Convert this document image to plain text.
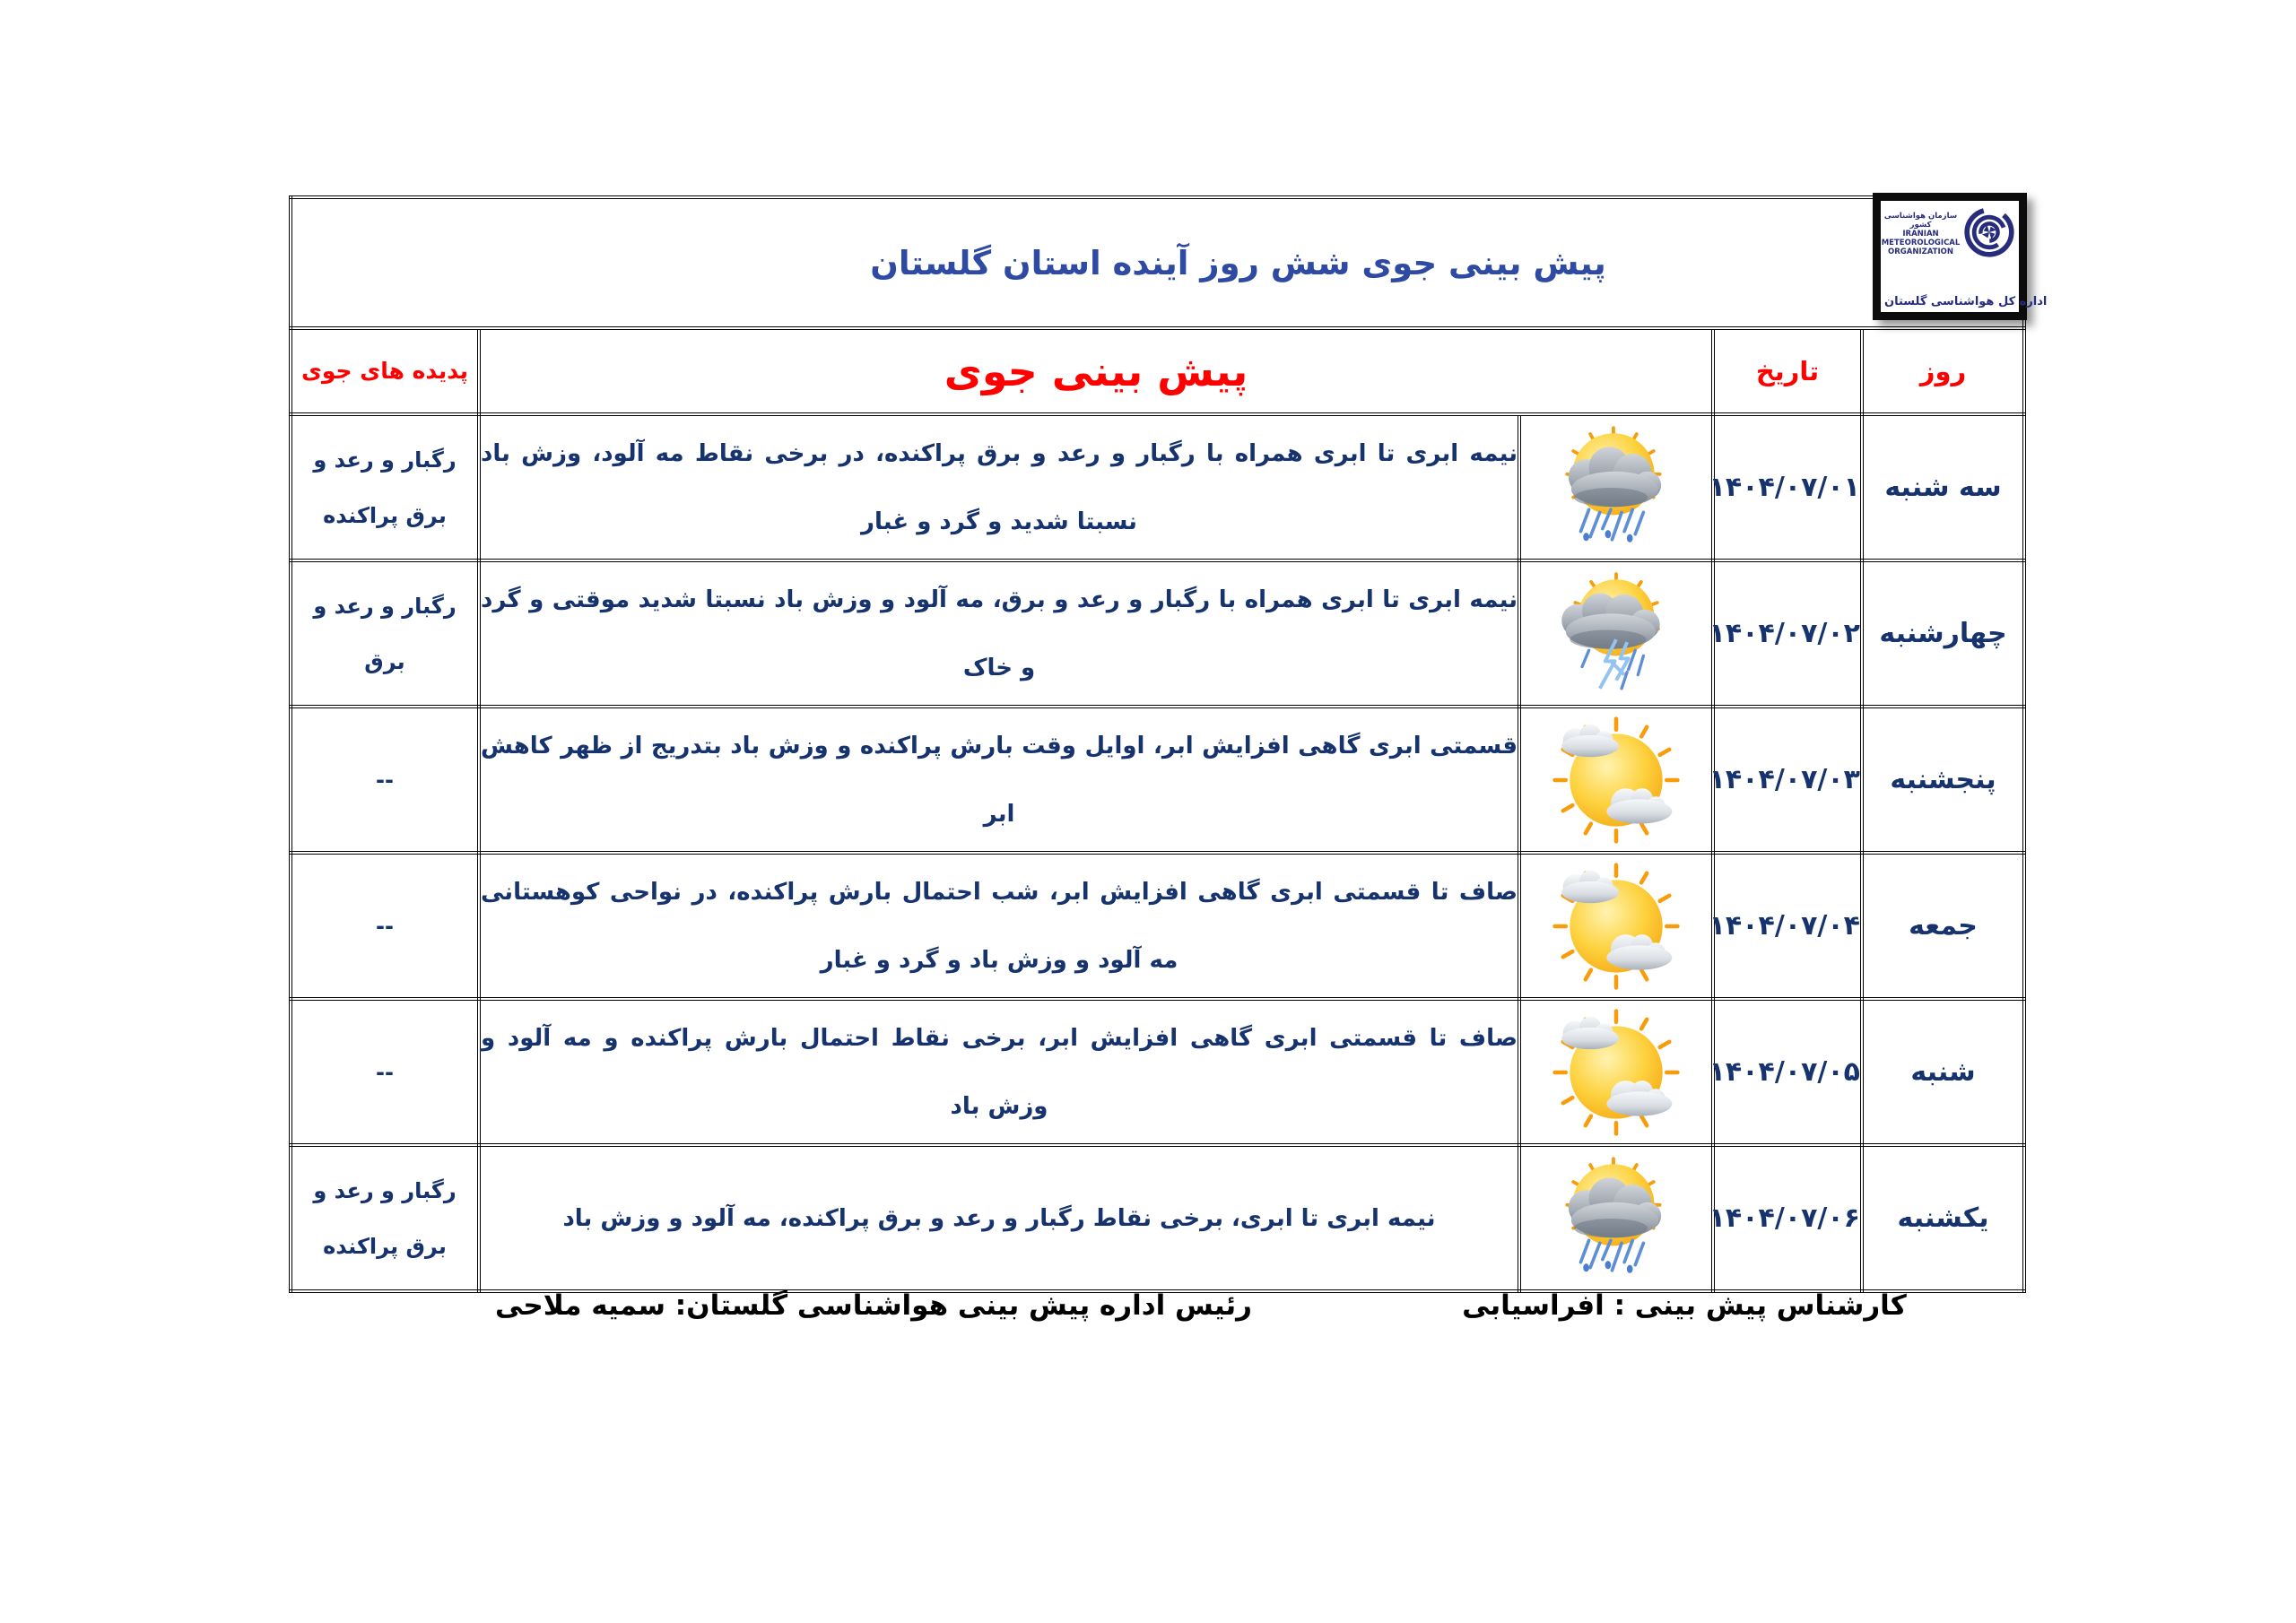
پیش بینی جوی شش روز آینده استان گلستان
سازمان هواشناسی کشور
IRANIAN
METEOROLOGICAL
ORGANIZATION
اداره کل هواشناسی گلستان

روز	تاریخ	پیش بینی جوی		پدیده های جوی

سه شنبه	۱۴۰۴/۰۷/۰۱		نیمه ابری تا ابری همراه با رگبار و رعد و برق پراکنده، در برخی نقاط مه آلود، وزش باد نسبتا شدید و گرد و غبار	رگبار و رعد و برق پراکنده

چهارشنبه	۱۴۰۴/۰۷/۰۲		نیمه ابری تا ابری همراه با رگبار و رعد و برق، مه آلود و وزش باد نسبتا شدید موقتی و گرد و خاک	رگبار و رعد و برق

پنجشنبه	۱۴۰۴/۰۷/۰۳		قسمتی ابری گاهی افزایش ابر، اوایل وقت بارش پراکنده و وزش باد بتدریج از ظهر کاهش ابر	--

جمعه	۱۴۰۴/۰۷/۰۴		صاف تا قسمتی ابری گاهی افزایش ابر، شب احتمال بارش پراکنده، در نواحی کوهستانی مه آلود و وزش باد و گرد و غبار	--

شنبه	۱۴۰۴/۰۷/۰۵		صاف تا قسمتی ابری گاهی افزایش ابر، برخی نقاط احتمال بارش پراکنده و مه آلود و وزش باد	--

یکشنبه	۱۴۰۴/۰۷/۰۶		نیمه ابری تا ابری، برخی نقاط رگبار و رعد و برق پراکنده، مه آلود و وزش باد	رگبار و رعد و برق پراکنده
کارشناس پیش بینی : افراسیابی
رئیس اداره پیش بینی هواشناسی گلستان: سمیه ملاحی
